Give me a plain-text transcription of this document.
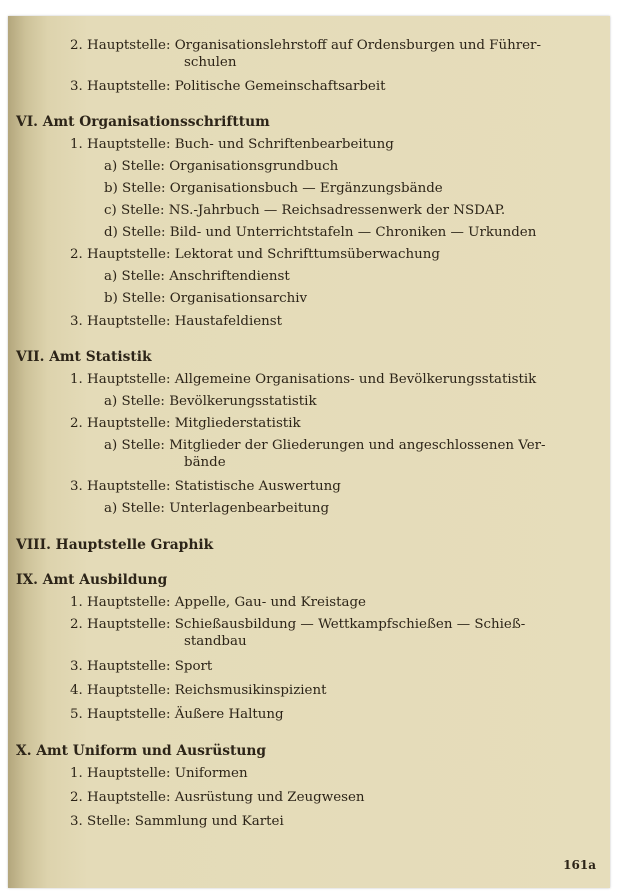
161a
2. Hauptstelle: Organisationslehrstoff auf Ordensburgen und Führer-
schulen
3. Hauptstelle: Politische Gemeinschaftsarbeit
VI. Amt Organisationsschrifttum
1. Hauptstelle: Buch- und Schriftenbearbeitung
a) Stelle: Organisationsgrundbuch
b) Stelle: Organisationsbuch — Ergänzungsbände
c) Stelle: NS.-Jahrbuch — Reichsadressenwerk der NSDAP.
d) Stelle: Bild- und Unterrichtstafeln — Chroniken — Urkunden
2. Hauptstelle: Lektorat und Schrifttumsüberwachung
a) Stelle: Anschriftendienst
b) Stelle: Organisationsarchiv
3. Hauptstelle: Haustafeldienst
VII. Amt Statistik
1. Hauptstelle: Allgemeine Organisations- und Bevölkerungsstatistik
a) Stelle: Bevölkerungsstatistik
2. Hauptstelle: Mitgliederstatistik
a) Stelle: Mitglieder der Gliederungen und angeschlossenen Ver-
bände
3. Hauptstelle: Statistische Auswertung
a) Stelle: Unterlagenbearbeitung
VIII. Hauptstelle Graphik
IX. Amt Ausbildung
1. Hauptstelle: Appelle, Gau- und Kreistage
2. Hauptstelle: Schießausbildung — Wettkampfschießen — Schieß-
standbau
3. Hauptstelle: Sport
4. Hauptstelle: Reichsmusikinspizient
5. Hauptstelle: Äußere Haltung
X. Amt Uniform und Ausrüstung
1. Hauptstelle: Uniformen
2. Hauptstelle: Ausrüstung und Zeugwesen
3. Stelle: Sammlung und Kartei
